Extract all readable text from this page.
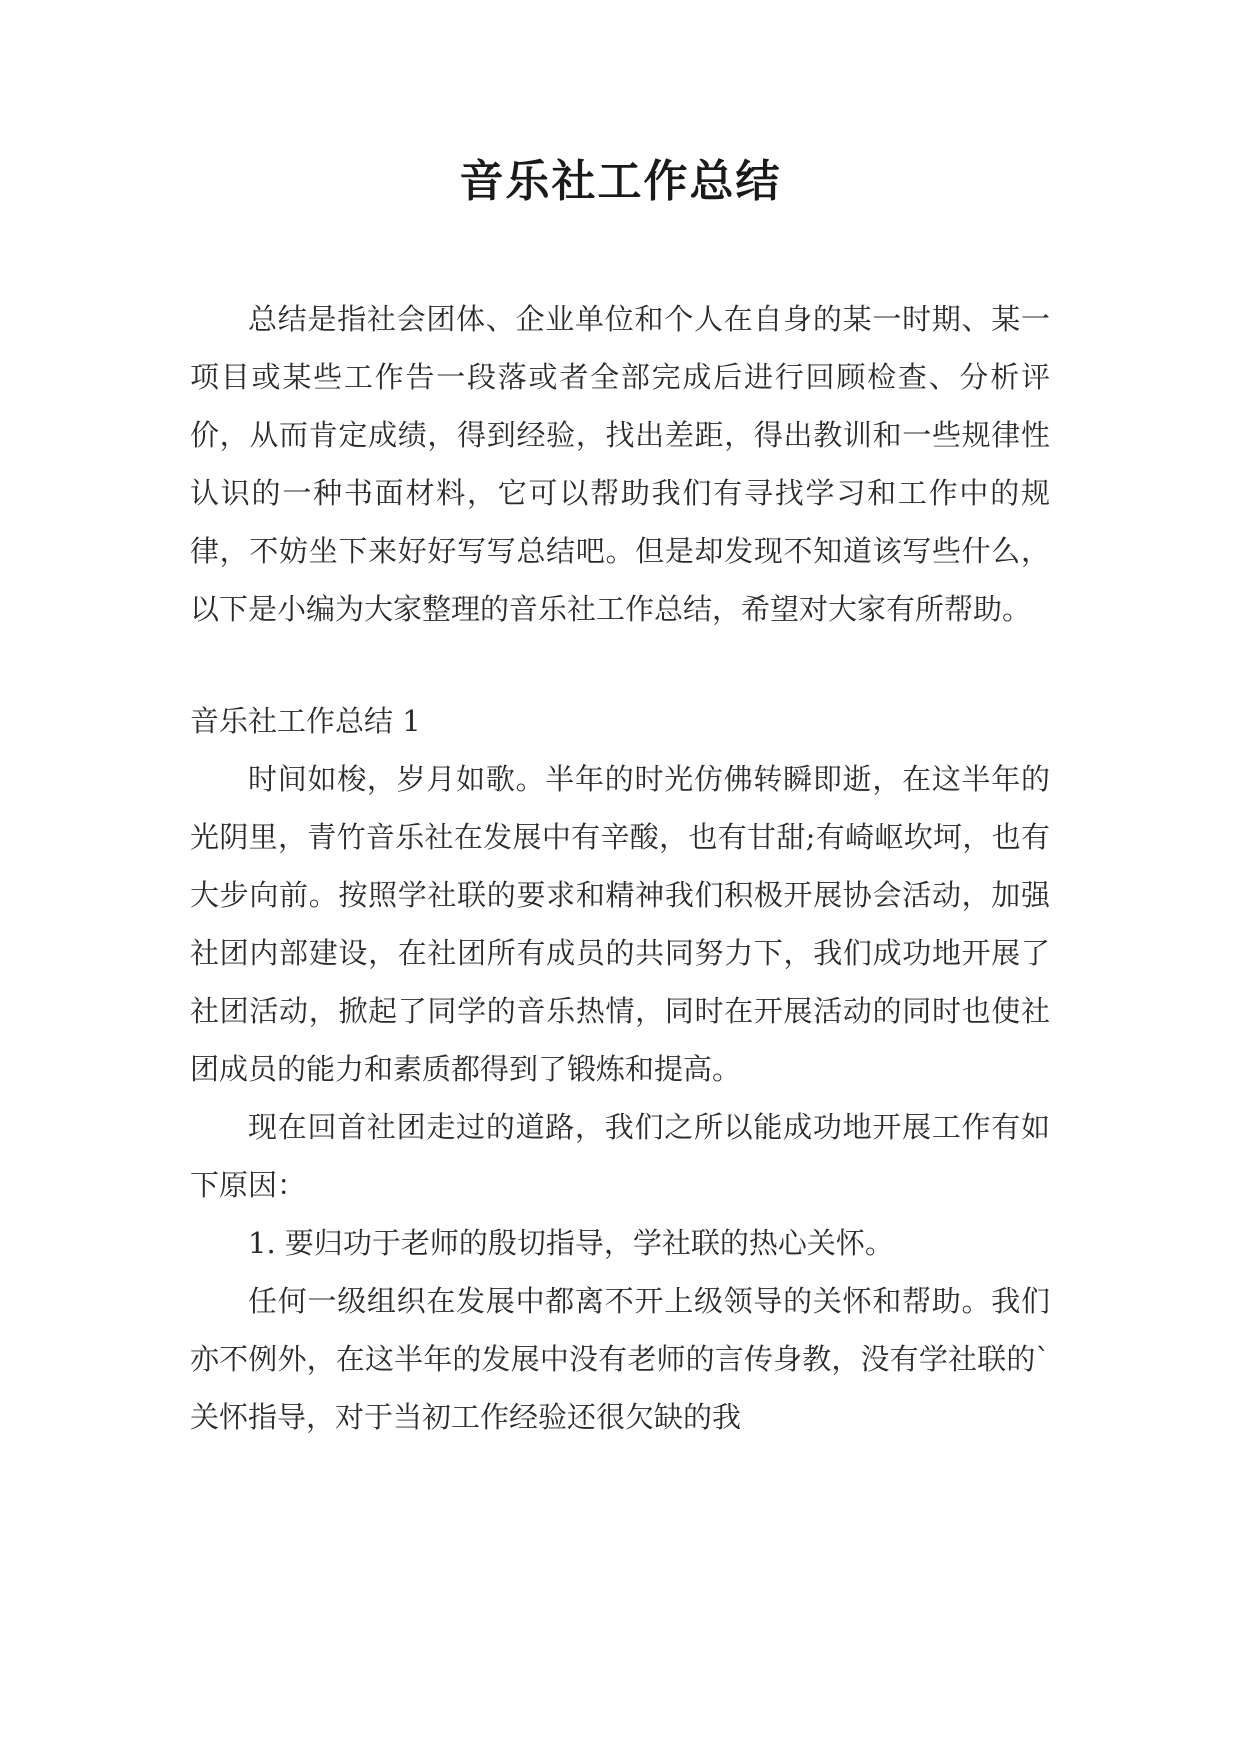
音乐社工作总结

总结是指社会团体、企业单位和个人在自身的某一时期、某一项目或某些工作告一段落或者全部完成后进行回顾检查、分析评价，从而肯定成绩，得到经验，找出差距，得出教训和一些规律性认识的一种书面材料，它可以帮助我们有寻找学习和工作中的规律，不妨坐下来好好写写总结吧。但是却发现不知道该写些什么，以下是小编为大家整理的音乐社工作总结，希望对大家有所帮助。

音乐社工作总结 1

时间如梭，岁月如歌。半年的时光仿佛转瞬即逝，在这半年的光阴里，青竹音乐社在发展中有辛酸，也有甘甜;有崎岖坎坷，也有大步向前。按照学社联的要求和精神我们积极开展协会活动，加强社团内部建设，在社团所有成员的共同努力下，我们成功地开展了社团活动，掀起了同学的音乐热情，同时在开展活动的同时也使社团成员的能力和素质都得到了锻炼和提高。

现在回首社团走过的道路，我们之所以能成功地开展工作有如下原因：

1. 要归功于老师的殷切指导，学社联的热心关怀。

任何一级组织在发展中都离不开上级领导的关怀和帮助。我们亦不例外，在这半年的发展中没有老师的言传身教，没有学社联的`关怀指导，对于当初工作经验还很欠缺的我
